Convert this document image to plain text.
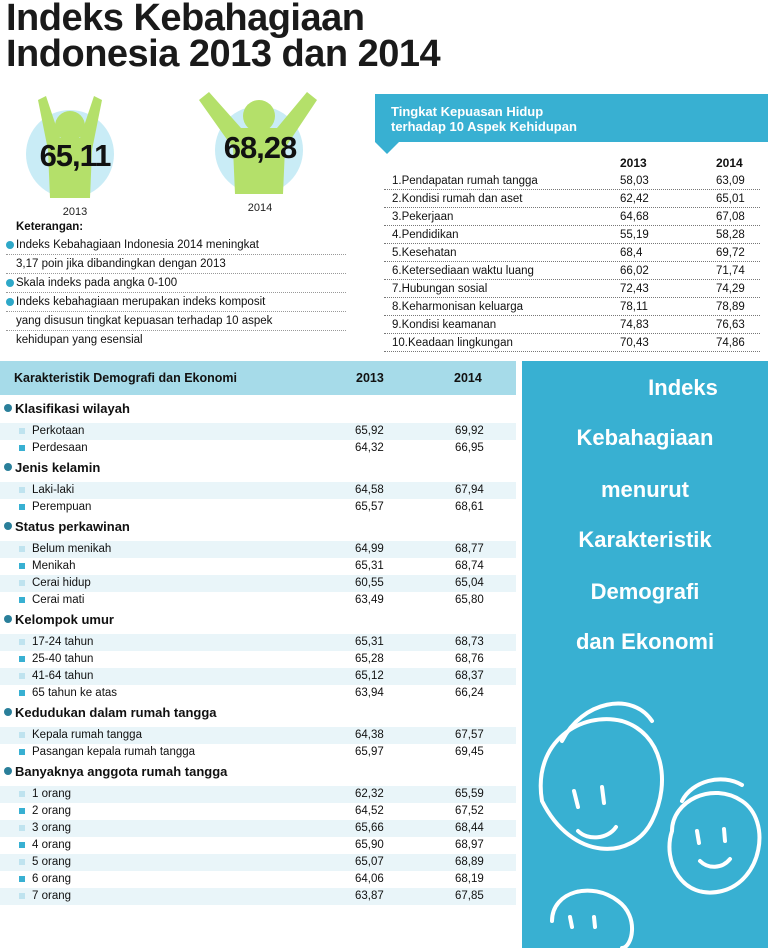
Indeks Kebahagiaan
Indonesia 2013 dan 2014
65,11
2013
68,28
2014
Keterangan:
Indeks Kebahagiaan Indonesia 2014 meningkat
3,17 poin jika dibandingkan dengan 2013
Skala indeks pada angka 0-100
Indeks kebahagiaan merupakan indeks komposit
yang disusun tingkat kepuasan terhadap 10 aspek
kehidupan yang esensial
Tingkat Kepuasan Hidup
terhadap 10 Aspek Kehidupan
2013	2014
1.Pendapatan rumah tangga	58,03	63,09
2.Kondisi rumah dan aset	62,42	65,01
3.Pekerjaan	64,68	67,08
4.Pendidikan	55,19	58,28
5.Kesehatan	68,4	69,72
6.Ketersediaan waktu luang	66,02	71,74
7.Hubungan sosial	72,43	74,29
8.Keharmonisan keluarga	78,11	78,89
9.Kondisi keamanan	74,83	76,63
10.Keadaan lingkungan	70,43	74,86
Karakteristik Demografi dan Ekonomi	2013	2014
Klasifikasi wilayah
Perkotaan	65,92	69,92
Perdesaan	64,32	66,95
Jenis kelamin
Laki-laki	64,58	67,94
Perempuan	65,57	68,61
Status perkawinan
Belum menikah	64,99	68,77
Menikah	65,31	68,74
Cerai hidup	60,55	65,04
Cerai mati	63,49	65,80
Kelompok umur
17-24 tahun	65,31	68,73
25-40 tahun	65,28	68,76
41-64 tahun	65,12	68,37
65 tahun ke atas	63,94	66,24
Kedudukan dalam rumah tangga
Kepala rumah tangga	64,38	67,57
Pasangan kepala rumah tangga	65,97	69,45
Banyaknya anggota rumah tangga
1 orang	62,32	65,59
2 orang	64,52	67,52
3 orang	65,66	68,44
4 orang	65,90	68,97
5 orang	65,07	68,89
6 orang	64,06	68,19
7 orang	63,87	67,85
Indeks
Kebahagiaan
menurut
Karakteristik
Demografi
dan Ekonomi
